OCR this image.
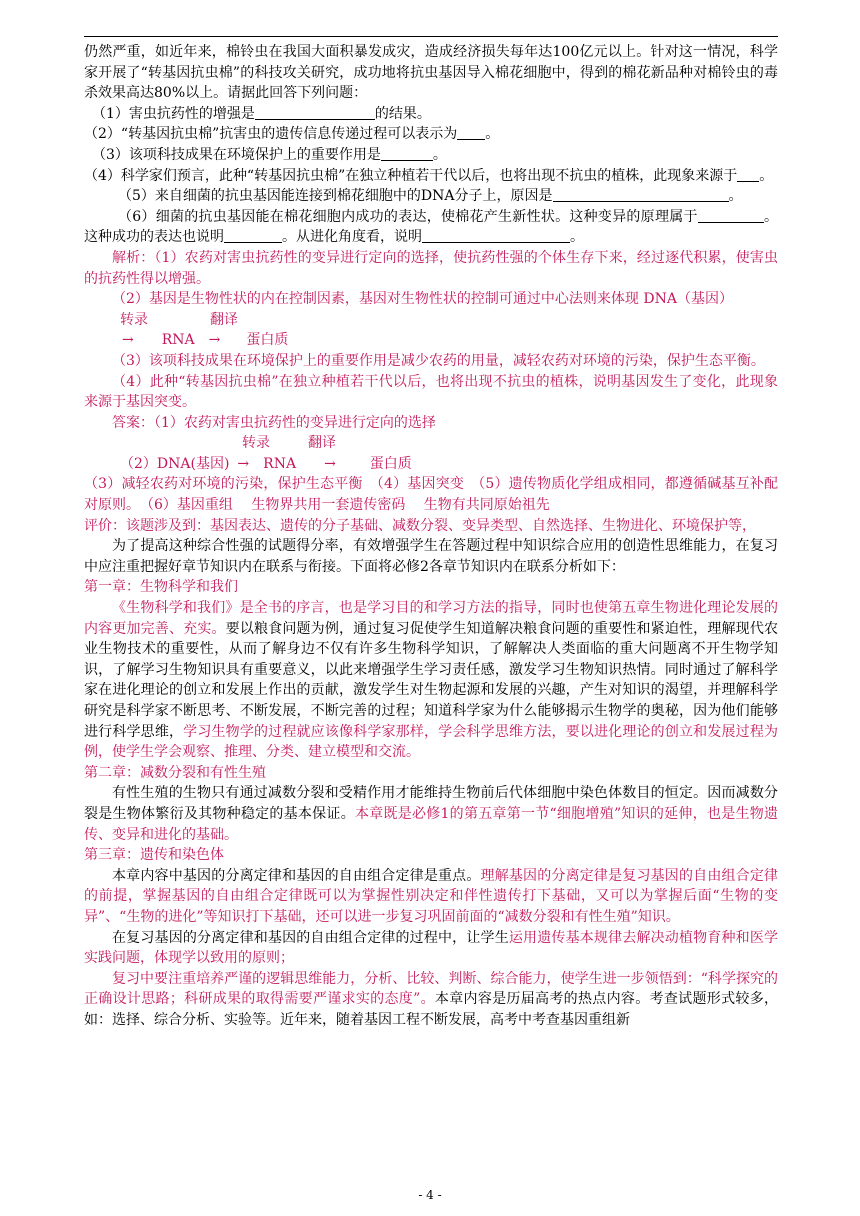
仍然严重，如近年来，棉铃虫在我国大面积暴发成灾，造成经济损失每年达100亿元以上。针对这一情况，科学家开展了“转基因抗虫棉”的科技攻关研究，成功地将抗虫基因导入棉花细胞中，得到的棉花新品种对棉铃虫的毒杀效果高达80%以上。请据此回答下列问题：

（1）害虫抗药性的增强是	的结果。

（2）“转基因抗虫棉”抗害虫的遗传信息传递过程可以表示为 。

（3）该项科技成果在环境保护上的重要作用是	。

（4）科学家们预言，此种“转基因抗虫棉”在独立种植若干代以后，也将出现不抗虫的植株，此现象来源于 。

（5）来自细菌的抗虫基因能连接到棉花细胞中的DNA分子上，原因是	。

（6）细菌的抗虫基因能在棉花细胞内成功的表达，使棉花产生新性状。这种变异的原理属于	。这种成功的表达也说明	。从进化角度看，说明	。

解析：（1）农药对害虫抗药性的变异进行定向的选择，使抗药性强的个体生存下来，经过逐代积累，使害虫的抗药性得以增强。

（2）基因是生物性状的内在控制因素，基因对生物性状的控制可通过中心法则来体现 DNA（基因）

转录	翻译

→ RNA → 蛋白质

（3）该项科技成果在环境保护上的重要作用是减少农药的用量，减轻农药对环境的污染，保护生态平衡。

（4）此种“转基因抗虫棉”在独立种植若干代以后，也将出现不抗虫的植株，说明基因发生了变化，此现象来源于基因突变。

答案：（1）农药对害虫抗药性的变异进行定向的选择

转录	翻译

（2）DNA(基因) → RNA → 蛋白质

（3）减轻农药对环境的污染，保护生态平衡　（4）基因突变　（5）遗传物质化学组成相同，都遵循碱基互补配对原则。　（6）基因重组　 生物界共用一套遗传密码　 生物有共同原始祖先

评价：该题涉及到：基因表达、遗传的分子基础、减数分裂、变异类型、自然选择、生物进化、环境保护等，

为了提高这种综合性强的试题得分率，有效增强学生在答题过程中知识综合应用的创造性思维能力，在复习中应注重把握好章节知识内在联系与衔接。下面将必修2各章节知识内在联系分析如下：

第一章：生物科学和我们

《生物科学和我们》是全书的序言，也是学习目的和学习方法的指导，同时也使第五章生物进化理论发展的内容更加完善、充实。要以粮食问题为例，通过复习促使学生知道解决粮食问题的重要性和紧迫性，理解现代农业生物技术的重要性，从而了解身边不仅有许多生物科学知识，了解解决人类面临的重大问题离不开生物学知识，了解学习生物知识具有重要意义，以此来增强学生学习责任感，激发学习生物知识热情。同时通过了解科学家在进化理论的创立和发展上作出的贡献，激发学生对生物起源和发展的兴趣，产生对知识的渴望，并理解科学研究是科学家不断思考、不断发展，不断完善的过程；知道科学家为什么能够揭示生物学的奥秘，因为他们能够进行科学思维，学习生物学的过程就应该像科学家那样，学会科学思维方法，要以进化理论的创立和发展过程为例，使学生学会观察、推理、分类、建立模型和交流。

第二章：减数分裂和有性生殖

有性生殖的生物只有通过减数分裂和受精作用才能维持生物前后代体细胞中染色体数目的恒定。因而减数分裂是生物体繁衍及其物种稳定的基本保证。本章既是必修1的第五章第一节“细胞增殖”知识的延伸，也是生物遗传、变异和进化的基础。

第三章：遗传和染色体

本章内容中基因的分离定律和基因的自由组合定律是重点。理解基因的分离定律是复习基因的自由组合定律的前提，掌握基因的自由组合定律既可以为掌握性别决定和伴性遗传打下基础，又可以为掌握后面“生物的变异”、“生物的进化”等知识打下基础，还可以进一步复习巩固前面的“减数分裂和有性生殖”知识。

在复习基因的分离定律和基因的自由组合定律的过程中，让学生运用遗传基本规律去解决动植物育种和医学实践问题，体现学以致用的原则；

复习中要注重培养严谨的逻辑思维能力，分析、比较、判断、综合能力，使学生进一步领悟到：“科学探究的正确设计思路；科研成果的取得需要严谨求实的态度”。本章内容是历届高考的热点内容。考查试题形式较多，如：选择、综合分析、实验等。近年来，随着基因工程不断发展，高考中考查基因重组新

- 4 -
